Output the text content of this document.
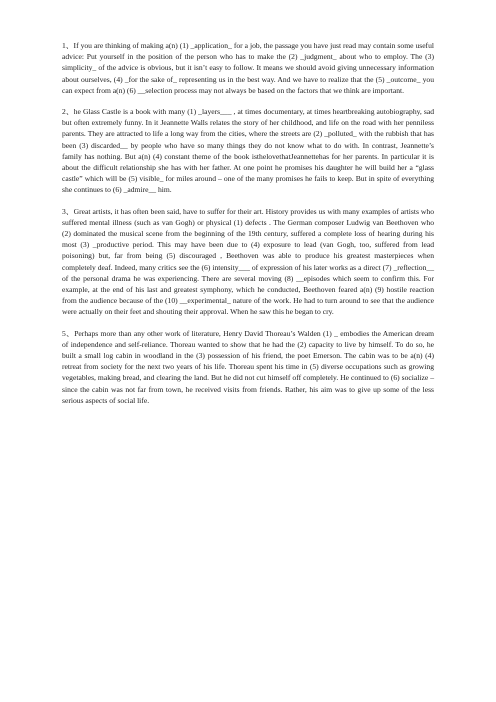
1、If you are thinking of making a(n) (1) _application_ for a job, the passage you have just read may contain some useful advice: Put yourself in the position of the person who has to make the (2) _judgment_ about who to employ. The (3) simplicity_ of the advice is obvious, but it isn’t easy to follow. It means we should avoid giving unnecessary information about ourselves, (4) _for the sake of_ representing us in the best way. And we have to realize that the (5) _outcome_ you can expect from a(n) (6) __selection process may not always be based on the factors that we think are important.

2、he Glass Castle is a book with many (1) _layers___ , at times documentary, at times heartbreaking autobiography, sad but often extremely funny. In it Jeannette Walls relates the story of her childhood, and life on the road with her penniless parents. They are attracted to life a long way from the cities, where the streets are (2) _polluted_ with the rubbish that has been (3) discarded__ by people who have so many things they do not know what to do with. In contrast, Jeannette’s family has nothing. But a(n) (4) constant theme of the book isthelovethatJeannettehas for her parents. In particular it is about the difficult relationship she has with her father. At one point he promises his daughter he will build her a “glass castle” which will be (5) visible_ for miles around – one of the many promises he fails to keep. But in spite of everything she continues to (6) _admire__ him.

3、Great artists, it has often been said, have to suffer for their art. History provides us with many examples of artists who suffered mental illness (such as van Gogh) or physical (1) defects . The German composer Ludwig van Beethoven who (2) dominated the musical scene from the beginning of the 19th century, suffered a complete loss of hearing during his most (3) _productive period. This may have been due to (4) exposure to lead (van Gogh, too, suffered from lead poisoning) but, far from being (5) discouraged , Beethoven was able to produce his greatest masterpieces when completely deaf. Indeed, many critics see the (6) intensity___ of expression of his later works as a direct (7) _reflection__ of the personal drama he was experiencing. There are several moving (8) __episodes which seem to confirm this. For example, at the end of his last and greatest symphony, which he conducted, Beethoven feared a(n) (9) hostile reaction from the audience because of the (10) __experimental_ nature of the work. He had to turn around to see that the audience were actually on their feet and shouting their approval. When he saw this he began to cry.

5、Perhaps more than any other work of literature, Henry David Thoreau’s Walden (1) _ embodies the American dream of independence and self-reliance. Thoreau wanted to show that he had the (2) capacity to live by himself. To do so, he built a small log cabin in woodland in the (3) possession of his friend, the poet Emerson. The cabin was to be a(n) (4) retreat from society for the next two years of his life. Thoreau spent his time in (5) diverse occupations such as growing vegetables, making bread, and clearing the land. But he did not cut himself off completely. He continued to (6) socialize – since the cabin was not far from town, he received visits from friends. Rather, his aim was to give up some of the less serious aspects of social life.
